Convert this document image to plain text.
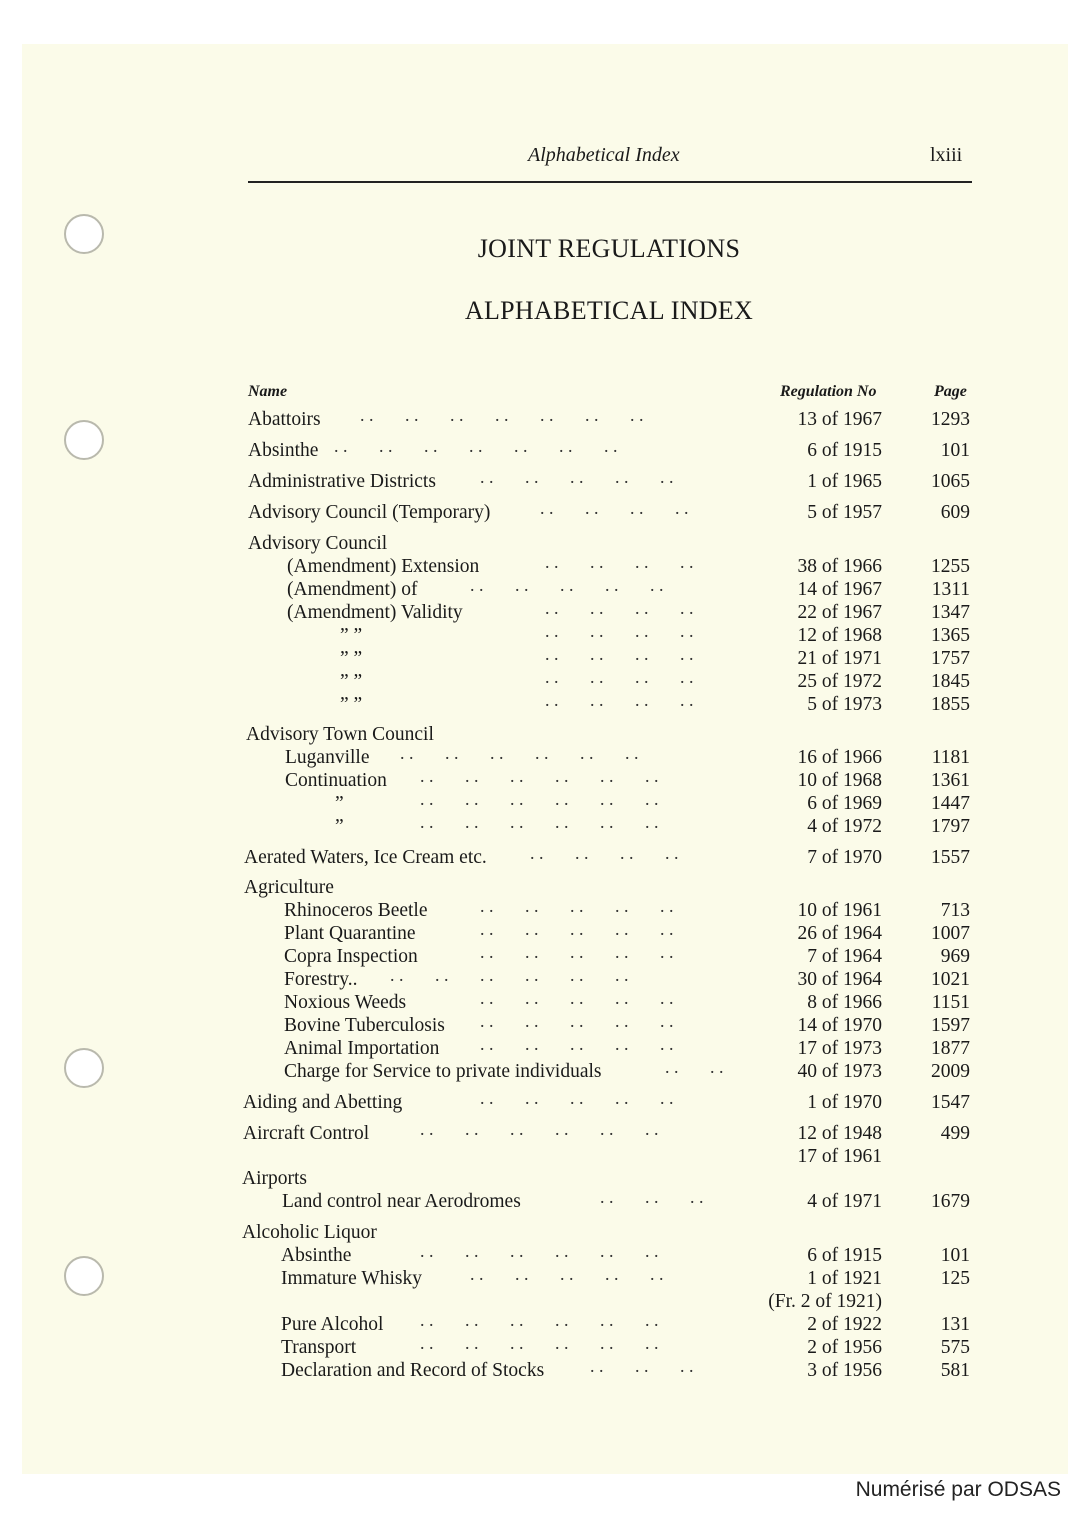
Alphabetical Index	lxiii
JOINT REGULATIONS
ALPHABETICAL INDEX
Name	Regulation No	Page
Abattoirs . .       . .       . .       . .       . .       . .       . .	13 of 1967	1293
Absinthe . .       . .       . .       . .       . .       . .       . .	6 of 1915	101
Administrative Districts . .       . .       . .       . .       . .	1 of 1965	1065
Advisory Council (Temporary)	. .       . .       . .       . .	5 of 1957	609
Advisory Council
(Amendment) Extension	. .       . .       . .       . .	38 of 1966	1255
(Amendment) of	. .       . .       . .       . .       . .	14 of 1967	1311
(Amendment) Validity	. .       . .       . .       . .	22 of 1967	1347
” ”	. .       . .       . .       . .	12 of 1968	1365
” ”	. .       . .       . .       . .	21 of 1971	1757
” ”	. .       . .       . .       . .	25 of 1972	1845
” ”	. .       . .       . .       . .	5 of 1973	1855
Advisory Town Council
Luganville . .       . .       . .       . .       . .       . .	16 of 1966	1181
Continuation . .       . .       . .       . .       . .       . .	10 of 1968	1361
”	. .       . .       . .       . .       . .       . .	6 of 1969	1447
”	. .       . .       . .       . .       . .       . .	4 of 1972	1797
Aerated Waters, Ice Cream etc. . .       . .       . .       . .	7 of 1970	1557
Agriculture
Rhinoceros Beetle	. .       . .       . .       . .       . .	10 of 1961	713
Plant Quarantine	. .       . .       . .       . .       . .	26 of 1964	1007
Copra Inspection	. .       . .       . .       . .       . .	7 of 1964	969
Forestry.. . .       . .       . .       . .       . .       . .	30 of 1964	1021
Noxious Weeds	. .       . .       . .       . .       . .	8 of 1966	1151
Bovine Tuberculosis . .       . .       . .       . .       . .	14 of 1970	1597
Animal Importation . .       . .       . .       . .       . .	17 of 1973	1877
Charge for Service to private individuals	. .       . .	40 of 1973	2009
Aiding and Abetting	. .       . .       . .       . .       . .	1 of 1970	1547
Aircraft Control	. .       . .       . .       . .       . .       . .	12 of 1948	499
17 of 1961
Airports
Land control near Aerodromes	. .       . .       . .	4 of 1971	1679
Alcoholic Liquor
Absinthe	. .       . .       . .       . .       . .       . .	6 of 1915	101
Immature Whisky	. .       . .       . .       . .       . .	1 of 1921	125
(Fr. 2 of 1921)
Pure Alcohol . .       . .       . .       . .       . .       . .	2 of 1922	131
Transport	. .       . .       . .       . .       . .       . .	2 of 1956	575
Declaration and Record of Stocks	. .       . .       . .	3 of 1956	581
Numérisé par ODSAS
